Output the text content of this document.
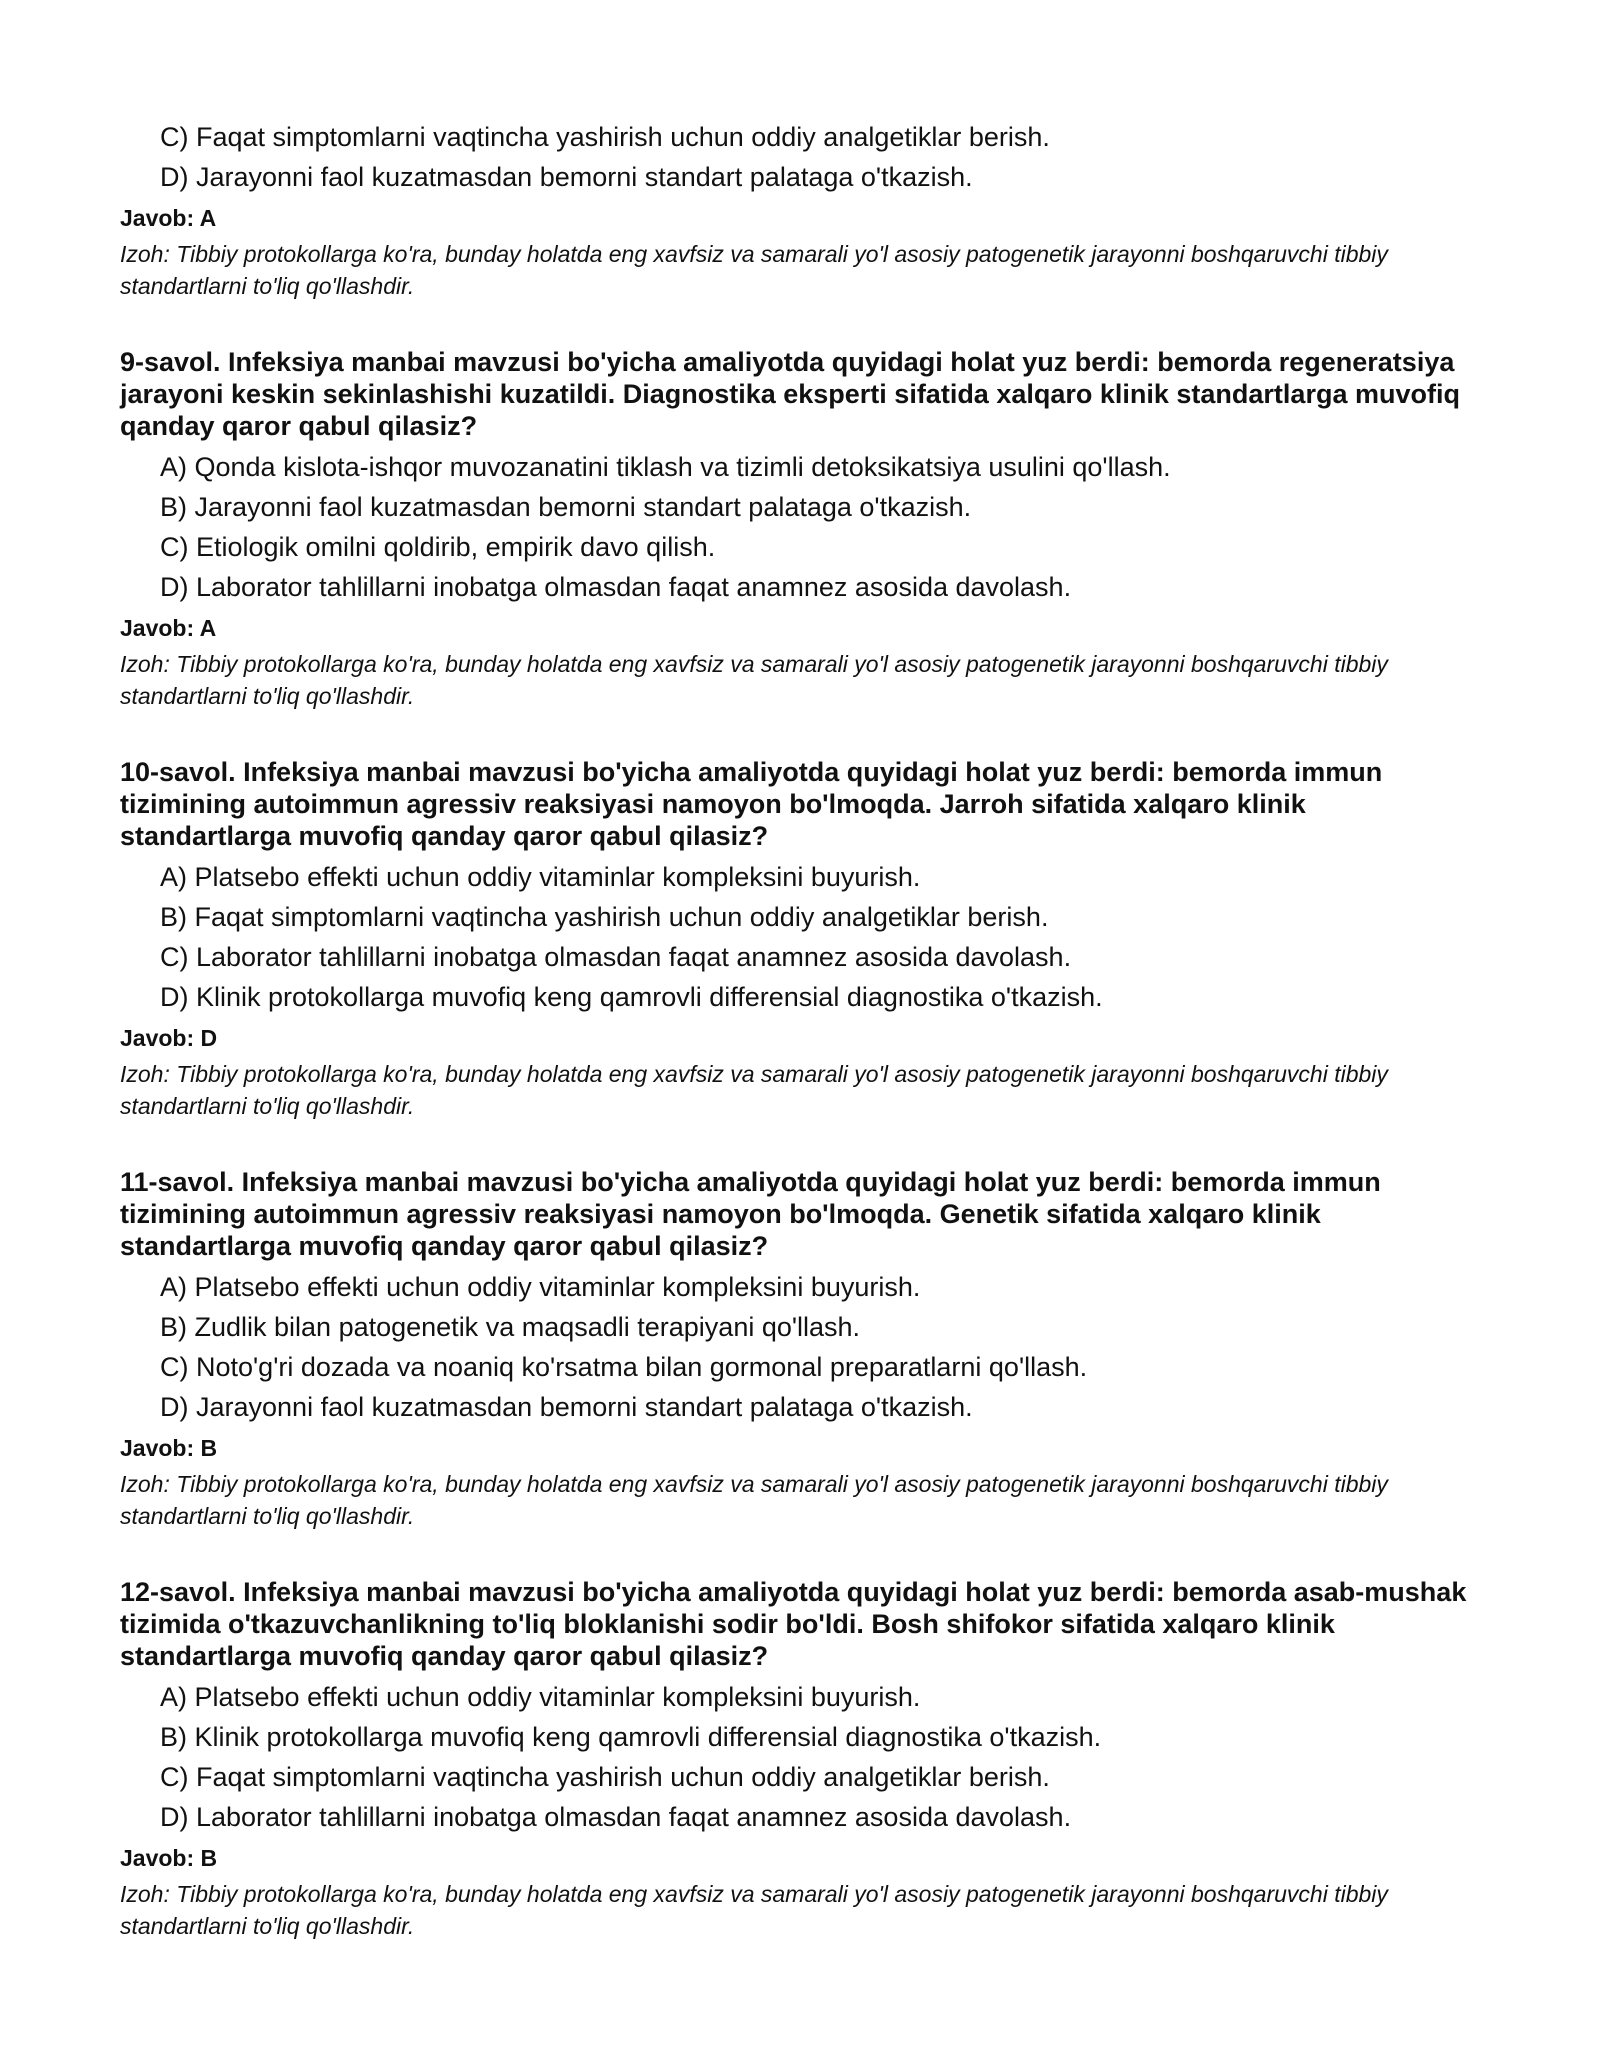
C) Faqat simptomlarni vaqtincha yashirish uchun oddiy analgetiklar berish.
D) Jarayonni faol kuzatmasdan bemorni standart palataga o'tkazish.
Javob: A
Izoh: Tibbiy protokollarga ko'ra, bunday holatda eng xavfsiz va samarali yo'l asosiy patogenetik jarayonni boshqaruvchi tibbiy standartlarni to'liq qo'llashdir.
9-savol. Infeksiya manbai mavzusi bo'yicha amaliyotda quyidagi holat yuz berdi: bemorda regeneratsiya jarayoni keskin sekinlashishi kuzatildi. Diagnostika eksperti sifatida xalqaro klinik standartlarga muvofiq qanday qaror qabul qilasiz?
A) Qonda kislota-ishqor muvozanatini tiklash va tizimli detoksikatsiya usulini qo'llash.
B) Jarayonni faol kuzatmasdan bemorni standart palataga o'tkazish.
C) Etiologik omilni qoldirib, empirik davo qilish.
D) Laborator tahlillarni inobatga olmasdan faqat anamnez asosida davolash.
Javob: A
Izoh: Tibbiy protokollarga ko'ra, bunday holatda eng xavfsiz va samarali yo'l asosiy patogenetik jarayonni boshqaruvchi tibbiy standartlarni to'liq qo'llashdir.
10-savol. Infeksiya manbai mavzusi bo'yicha amaliyotda quyidagi holat yuz berdi: bemorda immun tizimining autoimmun agressiv reaksiyasi namoyon bo'lmoqda. Jarroh sifatida xalqaro klinik standartlarga muvofiq qanday qaror qabul qilasiz?
A) Platsebo effekti uchun oddiy vitaminlar kompleksini buyurish.
B) Faqat simptomlarni vaqtincha yashirish uchun oddiy analgetiklar berish.
C) Laborator tahlillarni inobatga olmasdan faqat anamnez asosida davolash.
D) Klinik protokollarga muvofiq keng qamrovli differensial diagnostika o'tkazish.
Javob: D
Izoh: Tibbiy protokollarga ko'ra, bunday holatda eng xavfsiz va samarali yo'l asosiy patogenetik jarayonni boshqaruvchi tibbiy standartlarni to'liq qo'llashdir.
11-savol. Infeksiya manbai mavzusi bo'yicha amaliyotda quyidagi holat yuz berdi: bemorda immun tizimining autoimmun agressiv reaksiyasi namoyon bo'lmoqda. Genetik sifatida xalqaro klinik standartlarga muvofiq qanday qaror qabul qilasiz?
A) Platsebo effekti uchun oddiy vitaminlar kompleksini buyurish.
B) Zudlik bilan patogenetik va maqsadli terapiyani qo'llash.
C) Noto'g'ri dozada va noaniq ko'rsatma bilan gormonal preparatlarni qo'llash.
D) Jarayonni faol kuzatmasdan bemorni standart palataga o'tkazish.
Javob: B
Izoh: Tibbiy protokollarga ko'ra, bunday holatda eng xavfsiz va samarali yo'l asosiy patogenetik jarayonni boshqaruvchi tibbiy standartlarni to'liq qo'llashdir.
12-savol. Infeksiya manbai mavzusi bo'yicha amaliyotda quyidagi holat yuz berdi: bemorda asab-mushak tizimida o'tkazuvchanlikning to'liq bloklanishi sodir bo'ldi. Bosh shifokor sifatida xalqaro klinik standartlarga muvofiq qanday qaror qabul qilasiz?
A) Platsebo effekti uchun oddiy vitaminlar kompleksini buyurish.
B) Klinik protokollarga muvofiq keng qamrovli differensial diagnostika o'tkazish.
C) Faqat simptomlarni vaqtincha yashirish uchun oddiy analgetiklar berish.
D) Laborator tahlillarni inobatga olmasdan faqat anamnez asosida davolash.
Javob: B
Izoh: Tibbiy protokollarga ko'ra, bunday holatda eng xavfsiz va samarali yo'l asosiy patogenetik jarayonni boshqaruvchi tibbiy standartlarni to'liq qo'llashdir.
